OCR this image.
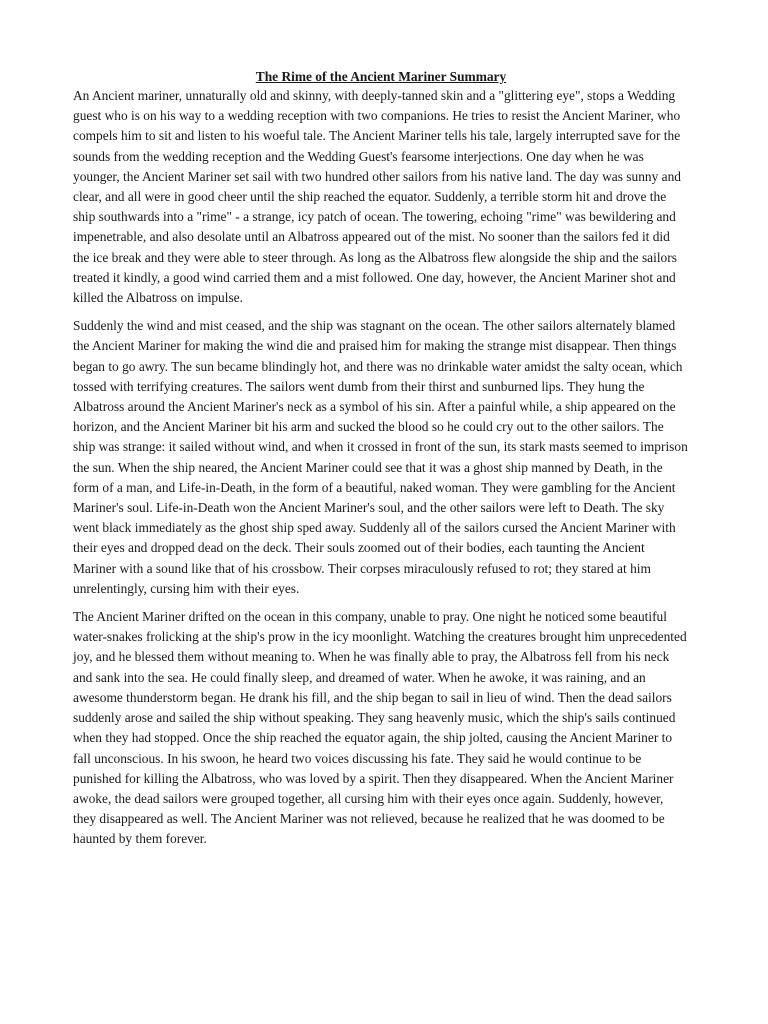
The Rime of the Ancient Mariner Summary

An Ancient mariner, unnaturally old and skinny, with deeply-tanned skin and a "glittering eye", stops a Wedding guest who is on his way to a wedding reception with two companions. He tries to resist the Ancient Mariner, who compels him to sit and listen to his woeful tale. The Ancient Mariner tells his tale, largely interrupted save for the sounds from the wedding reception and the Wedding Guest's fearsome interjections. One day when he was younger, the Ancient Mariner set sail with two hundred other sailors from his native land. The day was sunny and clear, and all were in good cheer until the ship reached the equator. Suddenly, a terrible storm hit and drove the ship southwards into a "rime" - a strange, icy patch of ocean. The towering, echoing "rime" was bewildering and impenetrable, and also desolate until an Albatross appeared out of the mist. No sooner than the sailors fed it did the ice break and they were able to steer through. As long as the Albatross flew alongside the ship and the sailors treated it kindly, a good wind carried them and a mist followed. One day, however, the Ancient Mariner shot and killed the Albatross on impulse.

Suddenly the wind and mist ceased, and the ship was stagnant on the ocean. The other sailors alternately blamed the Ancient Mariner for making the wind die and praised him for making the strange mist disappear. Then things began to go awry. The sun became blindingly hot, and there was no drinkable water amidst the salty ocean, which tossed with terrifying creatures. The sailors went dumb from their thirst and sunburned lips. They hung the Albatross around the Ancient Mariner's neck as a symbol of his sin. After a painful while, a ship appeared on the horizon, and the Ancient Mariner bit his arm and sucked the blood so he could cry out to the other sailors. The ship was strange: it sailed without wind, and when it crossed in front of the sun, its stark masts seemed to imprison the sun. When the ship neared, the Ancient Mariner could see that it was a ghost ship manned by Death, in the form of a man, and Life-in-Death, in the form of a beautiful, naked woman. They were gambling for the Ancient Mariner's soul. Life-in-Death won the Ancient Mariner's soul, and the other sailors were left to Death. The sky went black immediately as the ghost ship sped away. Suddenly all of the sailors cursed the Ancient Mariner with their eyes and dropped dead on the deck. Their souls zoomed out of their bodies, each taunting the Ancient Mariner with a sound like that of his crossbow. Their corpses miraculously refused to rot; they stared at him unrelentingly, cursing him with their eyes.

The Ancient Mariner drifted on the ocean in this company, unable to pray. One night he noticed some beautiful water-snakes frolicking at the ship's prow in the icy moonlight. Watching the creatures brought him unprecedented joy, and he blessed them without meaning to. When he was finally able to pray, the Albatross fell from his neck and sank into the sea. He could finally sleep, and dreamed of water. When he awoke, it was raining, and an awesome thunderstorm began. He drank his fill, and the ship began to sail in lieu of wind. Then the dead sailors suddenly arose and sailed the ship without speaking. They sang heavenly music, which the ship's sails continued when they had stopped. Once the ship reached the equator again, the ship jolted, causing the Ancient Mariner to fall unconscious. In his swoon, he heard two voices discussing his fate. They said he would continue to be punished for killing the Albatross, who was loved by a spirit. Then they disappeared. When the Ancient Mariner awoke, the dead sailors were grouped together, all cursing him with their eyes once again. Suddenly, however, they disappeared as well. The Ancient Mariner was not relieved, because he realized that he was doomed to be haunted by them forever.
